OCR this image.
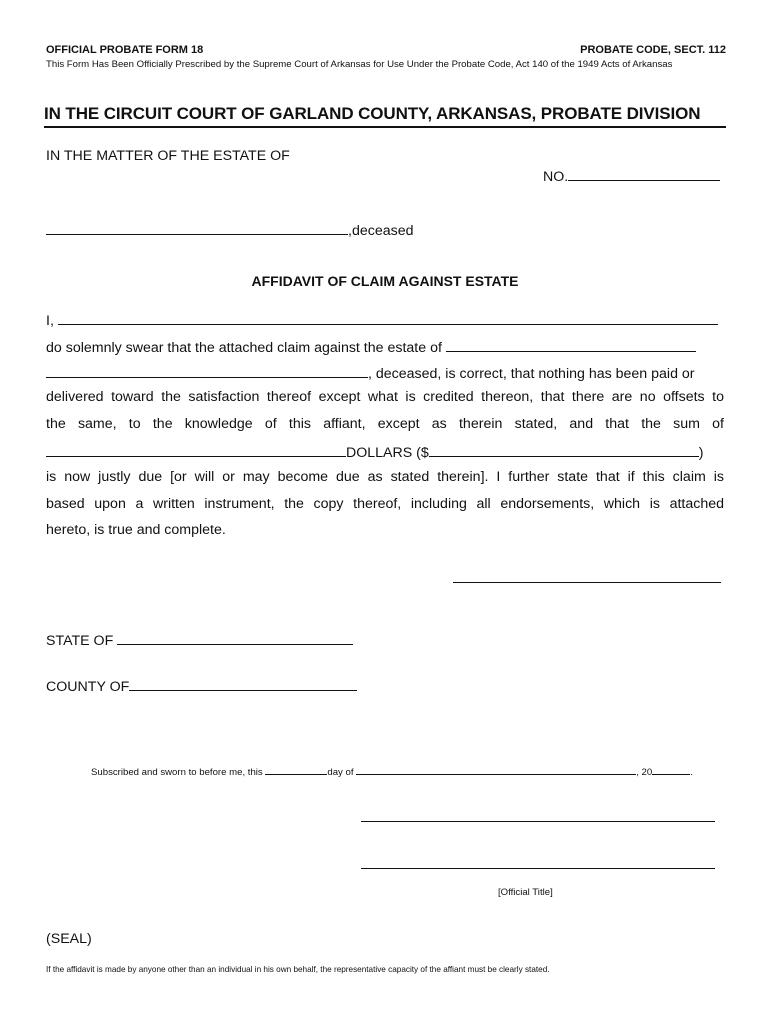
OFFICIAL PROBATE FORM 18	PROBATE CODE, SECT. 112
This Form Has Been Officially Prescribed by the Supreme Court of Arkansas for Use Under the Probate Code, Act 140 of the 1949 Acts of Arkansas
IN THE CIRCUIT COURT OF GARLAND COUNTY, ARKANSAS, PROBATE DIVISION
IN THE MATTER OF THE ESTATE OF
NO.
,deceased
AFFIDAVIT OF CLAIM AGAINST ESTATE
I,
do solemnly swear that the attached claim against the estate of
, deceased, is correct, that nothing has been paid or
delivered toward the satisfaction thereof except what is credited thereon, that there are no offsets to
the same, to the knowledge of this affiant, except as therein stated, and that the sum of
DOLLARS ($	)
is now justly due [or will or may become due as stated therein]. I further state that if this claim is
based upon a written instrument, the copy thereof, including all endorsements, which is attached
hereto, is true and complete.
STATE OF
COUNTY OF
Subscribed and sworn to before me, this	day of	, 20	.
[Official Title]
(SEAL)
If the affidavit is made by anyone other than an individual in his own behalf, the representative capacity of the affiant must be clearly stated.
